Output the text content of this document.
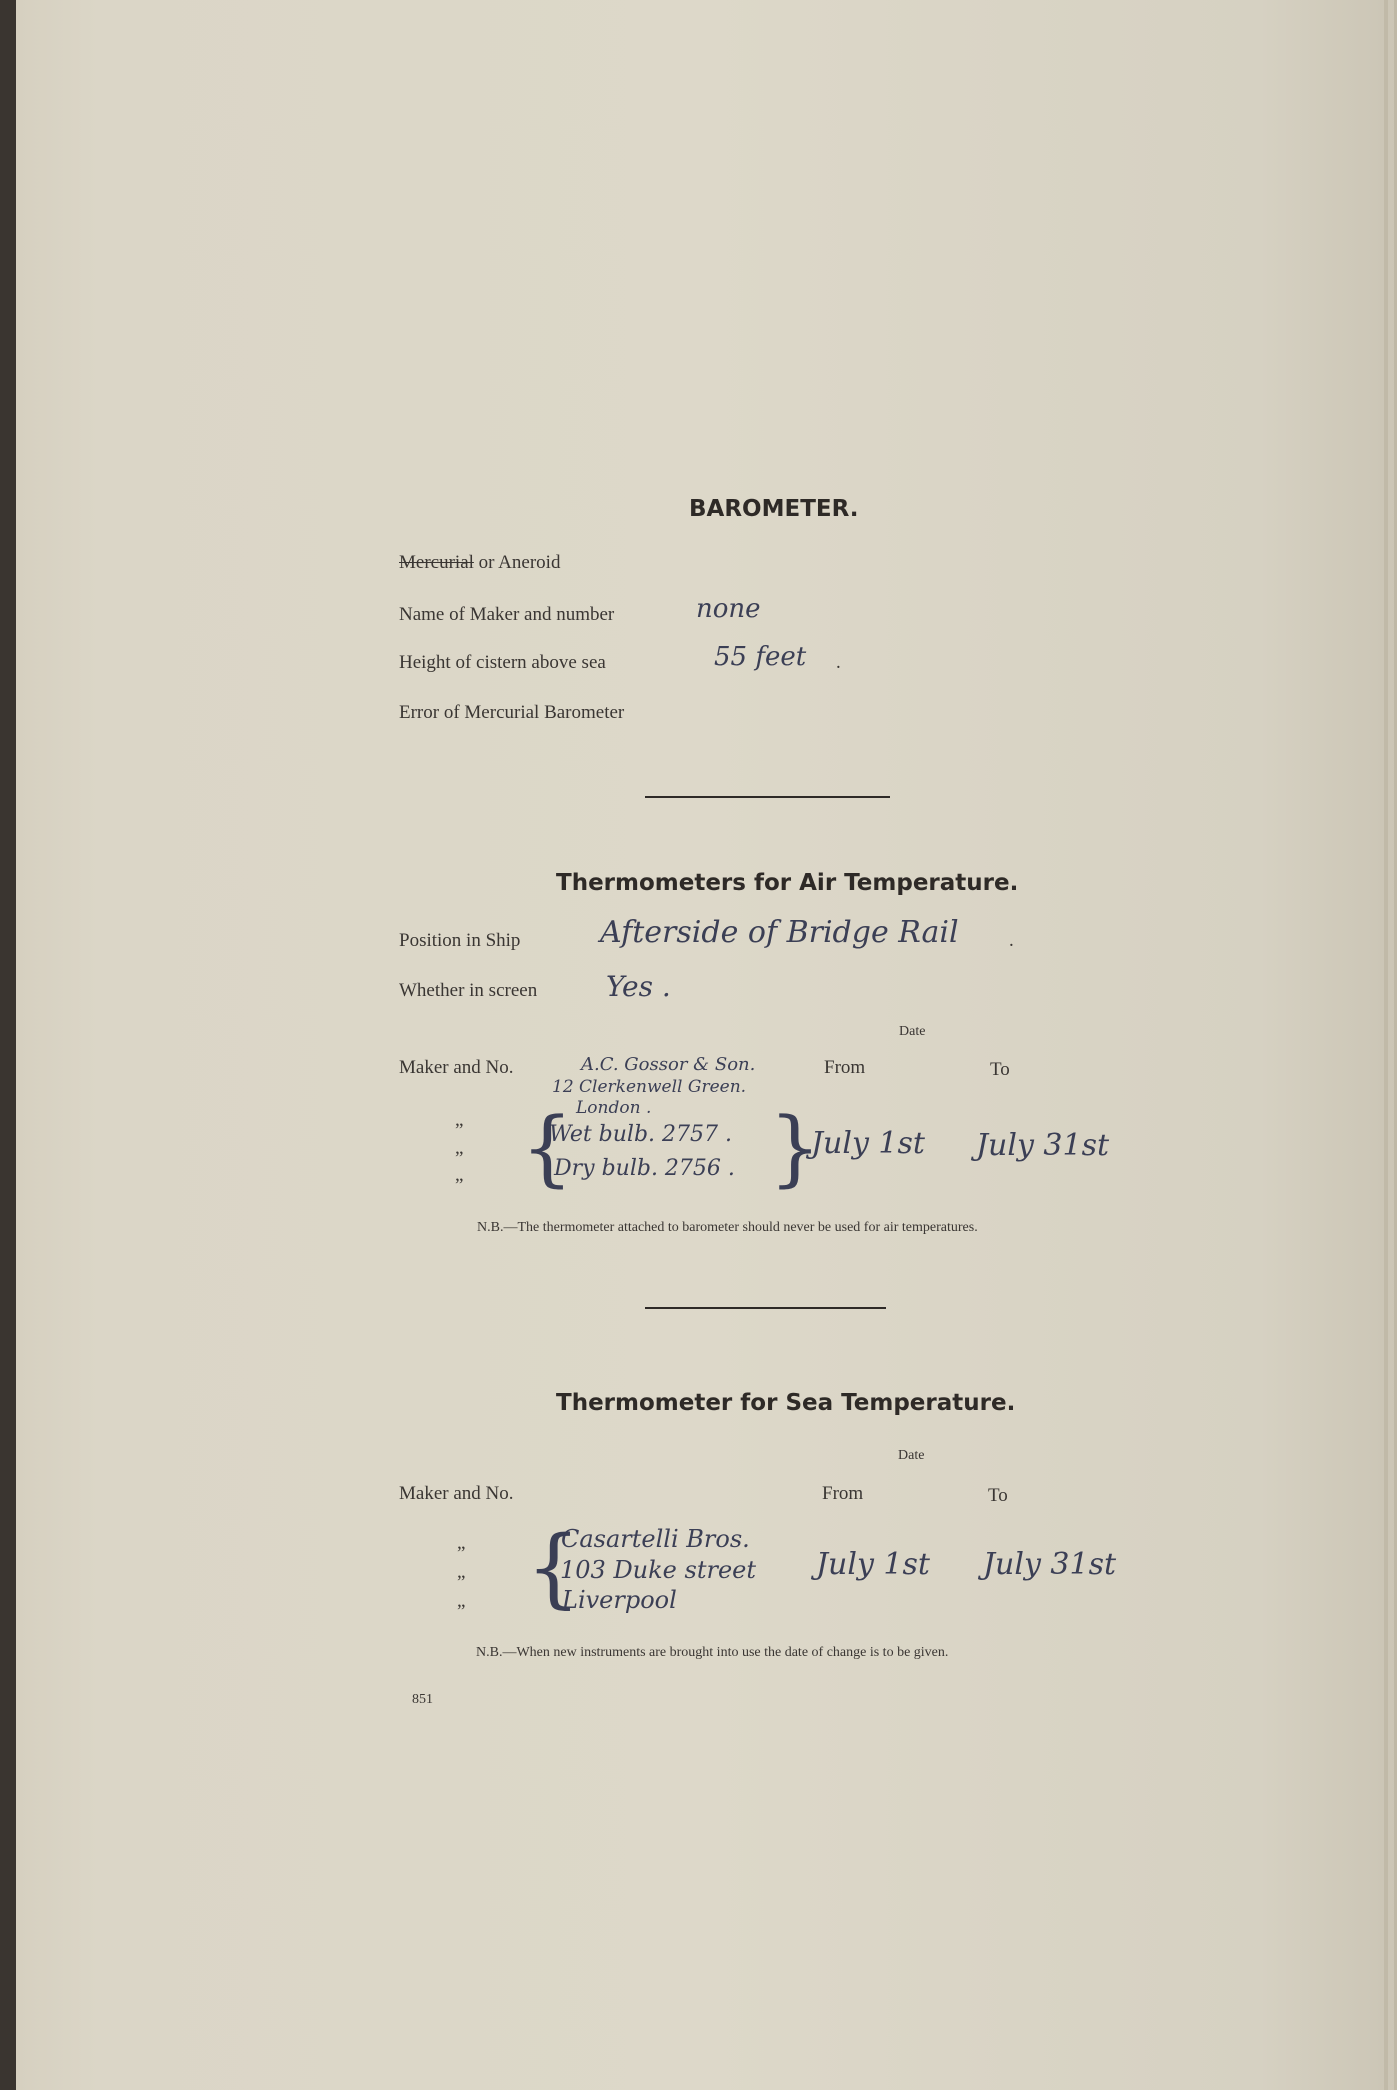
BAROMETER.
Mercurial or Aneroid
Name of Maker and number	none
Height of cistern above sea	55 feet .
Error of Mercurial Barometer
Thermometers for Air Temperature.
Position in Ship	Afterside of Bridge Rail	.
Whether in screen Yes .
Date
Maker and No.	From	To
A.C. Gossor & Son.
12 Clerkenwell Green.
London .
”
”
” {
Wet bulb. 2757 .
Dry bulb. 2756 . }
July 1st July 31st
N.B.—The thermometer attached to barometer should never be used for air temperatures.
Thermometer for Sea Temperature.
Date
Maker and No.	From	To
”
”
” {
Casartelli Bros.
103 Duke street
Liverpool
July 1st July 31st
N.B.—When new instruments are brought into use the date of change is to be given.
851
